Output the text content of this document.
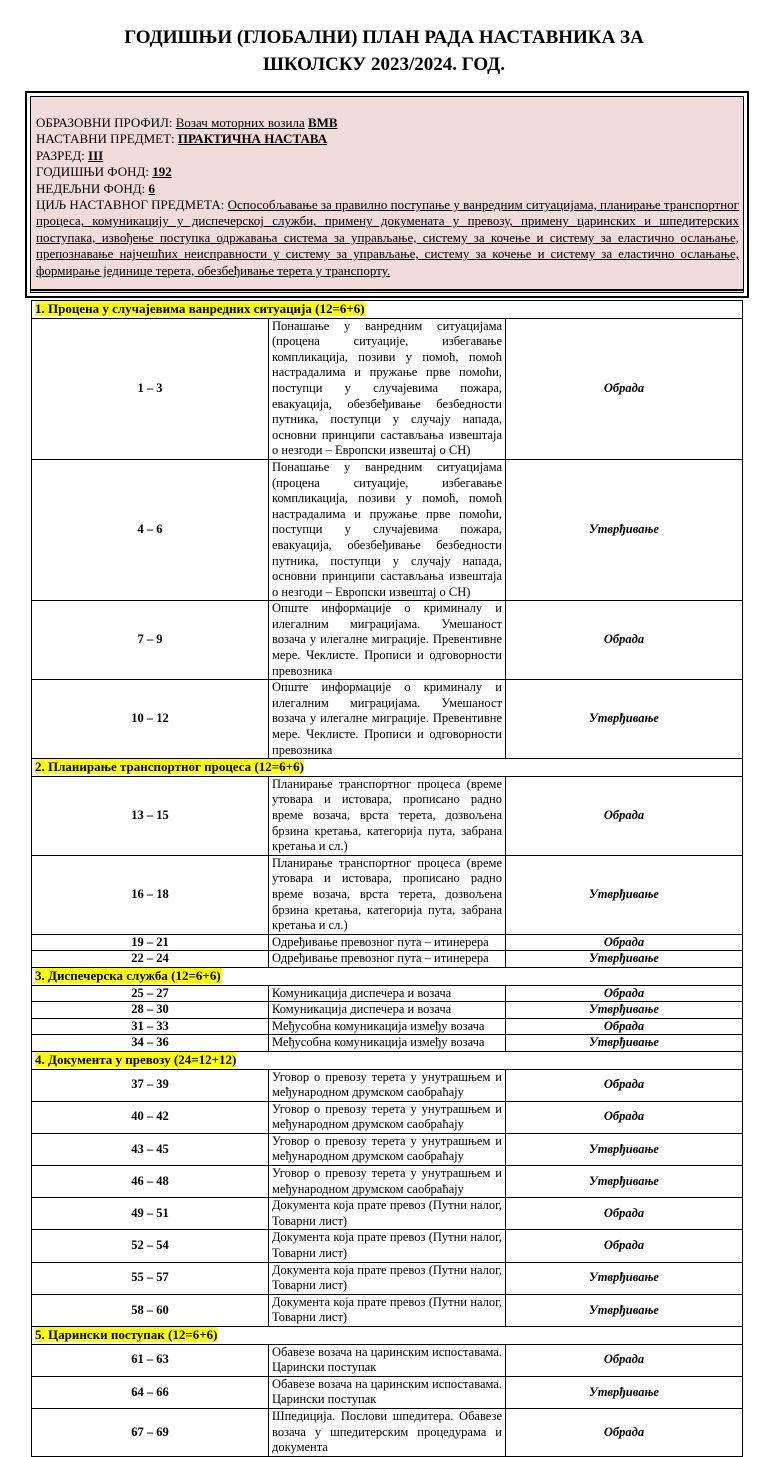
ГОДИШЊИ (ГЛОБАЛНИ) ПЛАН РАДА НАСТАВНИКА ЗА
ШКОЛСКУ 2023/2024. ГОД.
ОБРАЗОВНИ ПРОФИЛ: Возач моторних возила ВМВ
НАСТАВНИ ПРЕДМЕТ: ПРАКТИЧНА НАСТАВА
РАЗРЕД: III
ГОДИШЊИ ФОНД: 192
НЕДЕЉНИ ФОНД: 6
ЦИЉ НАСТАВНОГ ПРЕДМЕТА: Оспособљавање за правилно поступање у ванредним ситуацијама, планирање транспортног процеса, комуникацију у диспечерској служби, примену докумената у превозу, примену царинских и шпедитерских поступака, извођење поступка одржавања система за управљање, систему за кочење и систему за еластично ослањање, препознавање најчешћих неисправности у систему за управљање, систему за кочење и систему за еластично ослањање, формирање јединице терета, обезбеђивање терета у транспорту.
1. Процена у случајевима ванредних ситуација (12=6+6)		
1 – 3	Понашање у ванредним ситуацијама (процена ситуације, избегавање компликација, позиви у помоћ, помоћ настрадалима и пружање прве помоћи, поступци у случајевима пожара, евакуација, обезбеђивање безбедности путника, поступци у случају напада, основни принципи састављања извештаја о незгоди – Европски извештај о СН)	Обрада
4 – 6	Понашање у ванредним ситуацијама (процена ситуације, избегавање компликација, позиви у помоћ, помоћ настрадалима и пружање прве помоћи, поступци у случајевима пожара, евакуација, обезбеђивање безбедности путника, поступци у случају напада, основни принципи састављања извештаја о незгоди – Европски извештај о СН)	Утврђивање
7 – 9	Опште информације о криминалу и илегалним миграцијама. Умешаност возача у илегалне миграције. Превентивне мере. Чеклисте. Прописи и одговорности превозника	Обрада
10 – 12	Опште информације о криминалу и илегалним миграцијама. Умешаност возача у илегалне миграције. Превентивне мере. Чеклисте. Прописи и одговорности превозника	Утврђивање
2. Планирање транспортног процеса (12=6+6)		
13 – 15	Планирање транспортног процеса (време утовара и истовара, прописано радно време возача, врста терета, дозвољена брзина кретања, категорија пута, забрана кретања и сл.)	Обрада
16 – 18	Планирање транспортног процеса (време утовара и истовара, прописано радно време возача, врста терета, дозвољена брзина кретања, категорија пута, забрана кретања и сл.)	Утврђивање
19 – 21	Одређивање превозног пута – итинерера	Обрада
22 – 24	Одређивање превозног пута – итинерера	Утврђивање
3. Диспечерска служба (12=6+6)		
25 – 27	Комуникација диспечера и возача	Обрада
28 – 30	Комуникација диспечера и возача	Утврђивање
31 – 33	Међусобна комуникација између возача	Обрада
34 – 36	Међусобна комуникација између возача	Утврђивање
4. Документа у превозу (24=12+12)		
37 – 39	Уговор о превозу терета у унутрашњем и међународном друмском саобраћају	Обрада
40 – 42	Уговор о превозу терета у унутрашњем и међународном друмском саобраћају	Обрада
43 – 45	Уговор о превозу терета у унутрашњем и међународном друмском саобраћају	Утврђивање
46 – 48	Уговор о превозу терета у унутрашњем и међународном друмском саобраћају	Утврђивање
49 – 51	Документа која прате превоз (Путни налог, Товарни лист)	Обрада
52 – 54	Документа која прате превоз (Путни налог, Товарни лист)	Обрада
55 – 57	Документа која прате превоз (Путни налог, Товарни лист)	Утврђивање
58 – 60	Документа која прате превоз (Путни налог, Товарни лист)	Утврђивање
5. Царински поступак (12=6+6)		
61 – 63	Обавезе возача на царинским испоставама. Царински поступак	Обрада
64 – 66	Обавезе возача на царинским испоставама. Царински поступак	Утврђивање
67 – 69	Шпедиција. Послови шпедитера. Обавезе возача у шпедитерским процедурама и документа	Обрада
